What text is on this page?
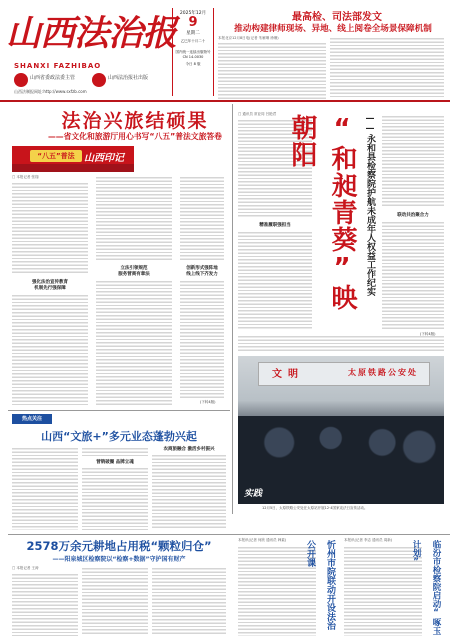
山西法治报
SHANXI FAZHIBAO
山西省委政法委主管	山西法治报社出版
山西法制报网址:http://www.sxfzb.com
2025年12月
9
星期二
乙巳年十月二十
国内统一连续出版物号 CN 14-0030
今日 8 版
最高检、司法部发文
推动构建律师现场、异地、线上阅卷全场景保障机制
本报北京12月8日电(记者 朱雁琳 徐珊)
法治兴旅结硕果
——省文化和旅游厅用心书写“八五”普法文旅答卷
“八五”普法 山西印记
□ 本报记者 张翔
强化法治宣传教育
机制先行强保障
立法引领规范
服务营商有章法
创新形式强阵地
线上线下齐发力
(下转4版)
□ 通讯员 常亚同 吕艳君
精准履职强担当	“和昶青葵”映朝阳	——永和县检察院护航未成年人权益工作纪实	联动共治聚合力
(下转4版)
文明	太原铁路公安处
实践
12月5日，太原铁路公安处在太原站开展12·4国家宪法日宣传活动。
热点关注
山西“文旅+”多元业态蓬勃兴起
营销破圈 品牌立魂
农商旅融合 激活乡村振兴
2578万余元耕地占用税“颗粒归仓”
——阳泉城区检察院以“检察+数据”守护国有财产
□ 本报记者 王涛
本报讯(记者 何欣 通讯员 韩素)	忻州市院联动开设法治公开课	本报讯(记者 李志 通讯员 周新)	临汾市检察院启动“啄玉计划”
